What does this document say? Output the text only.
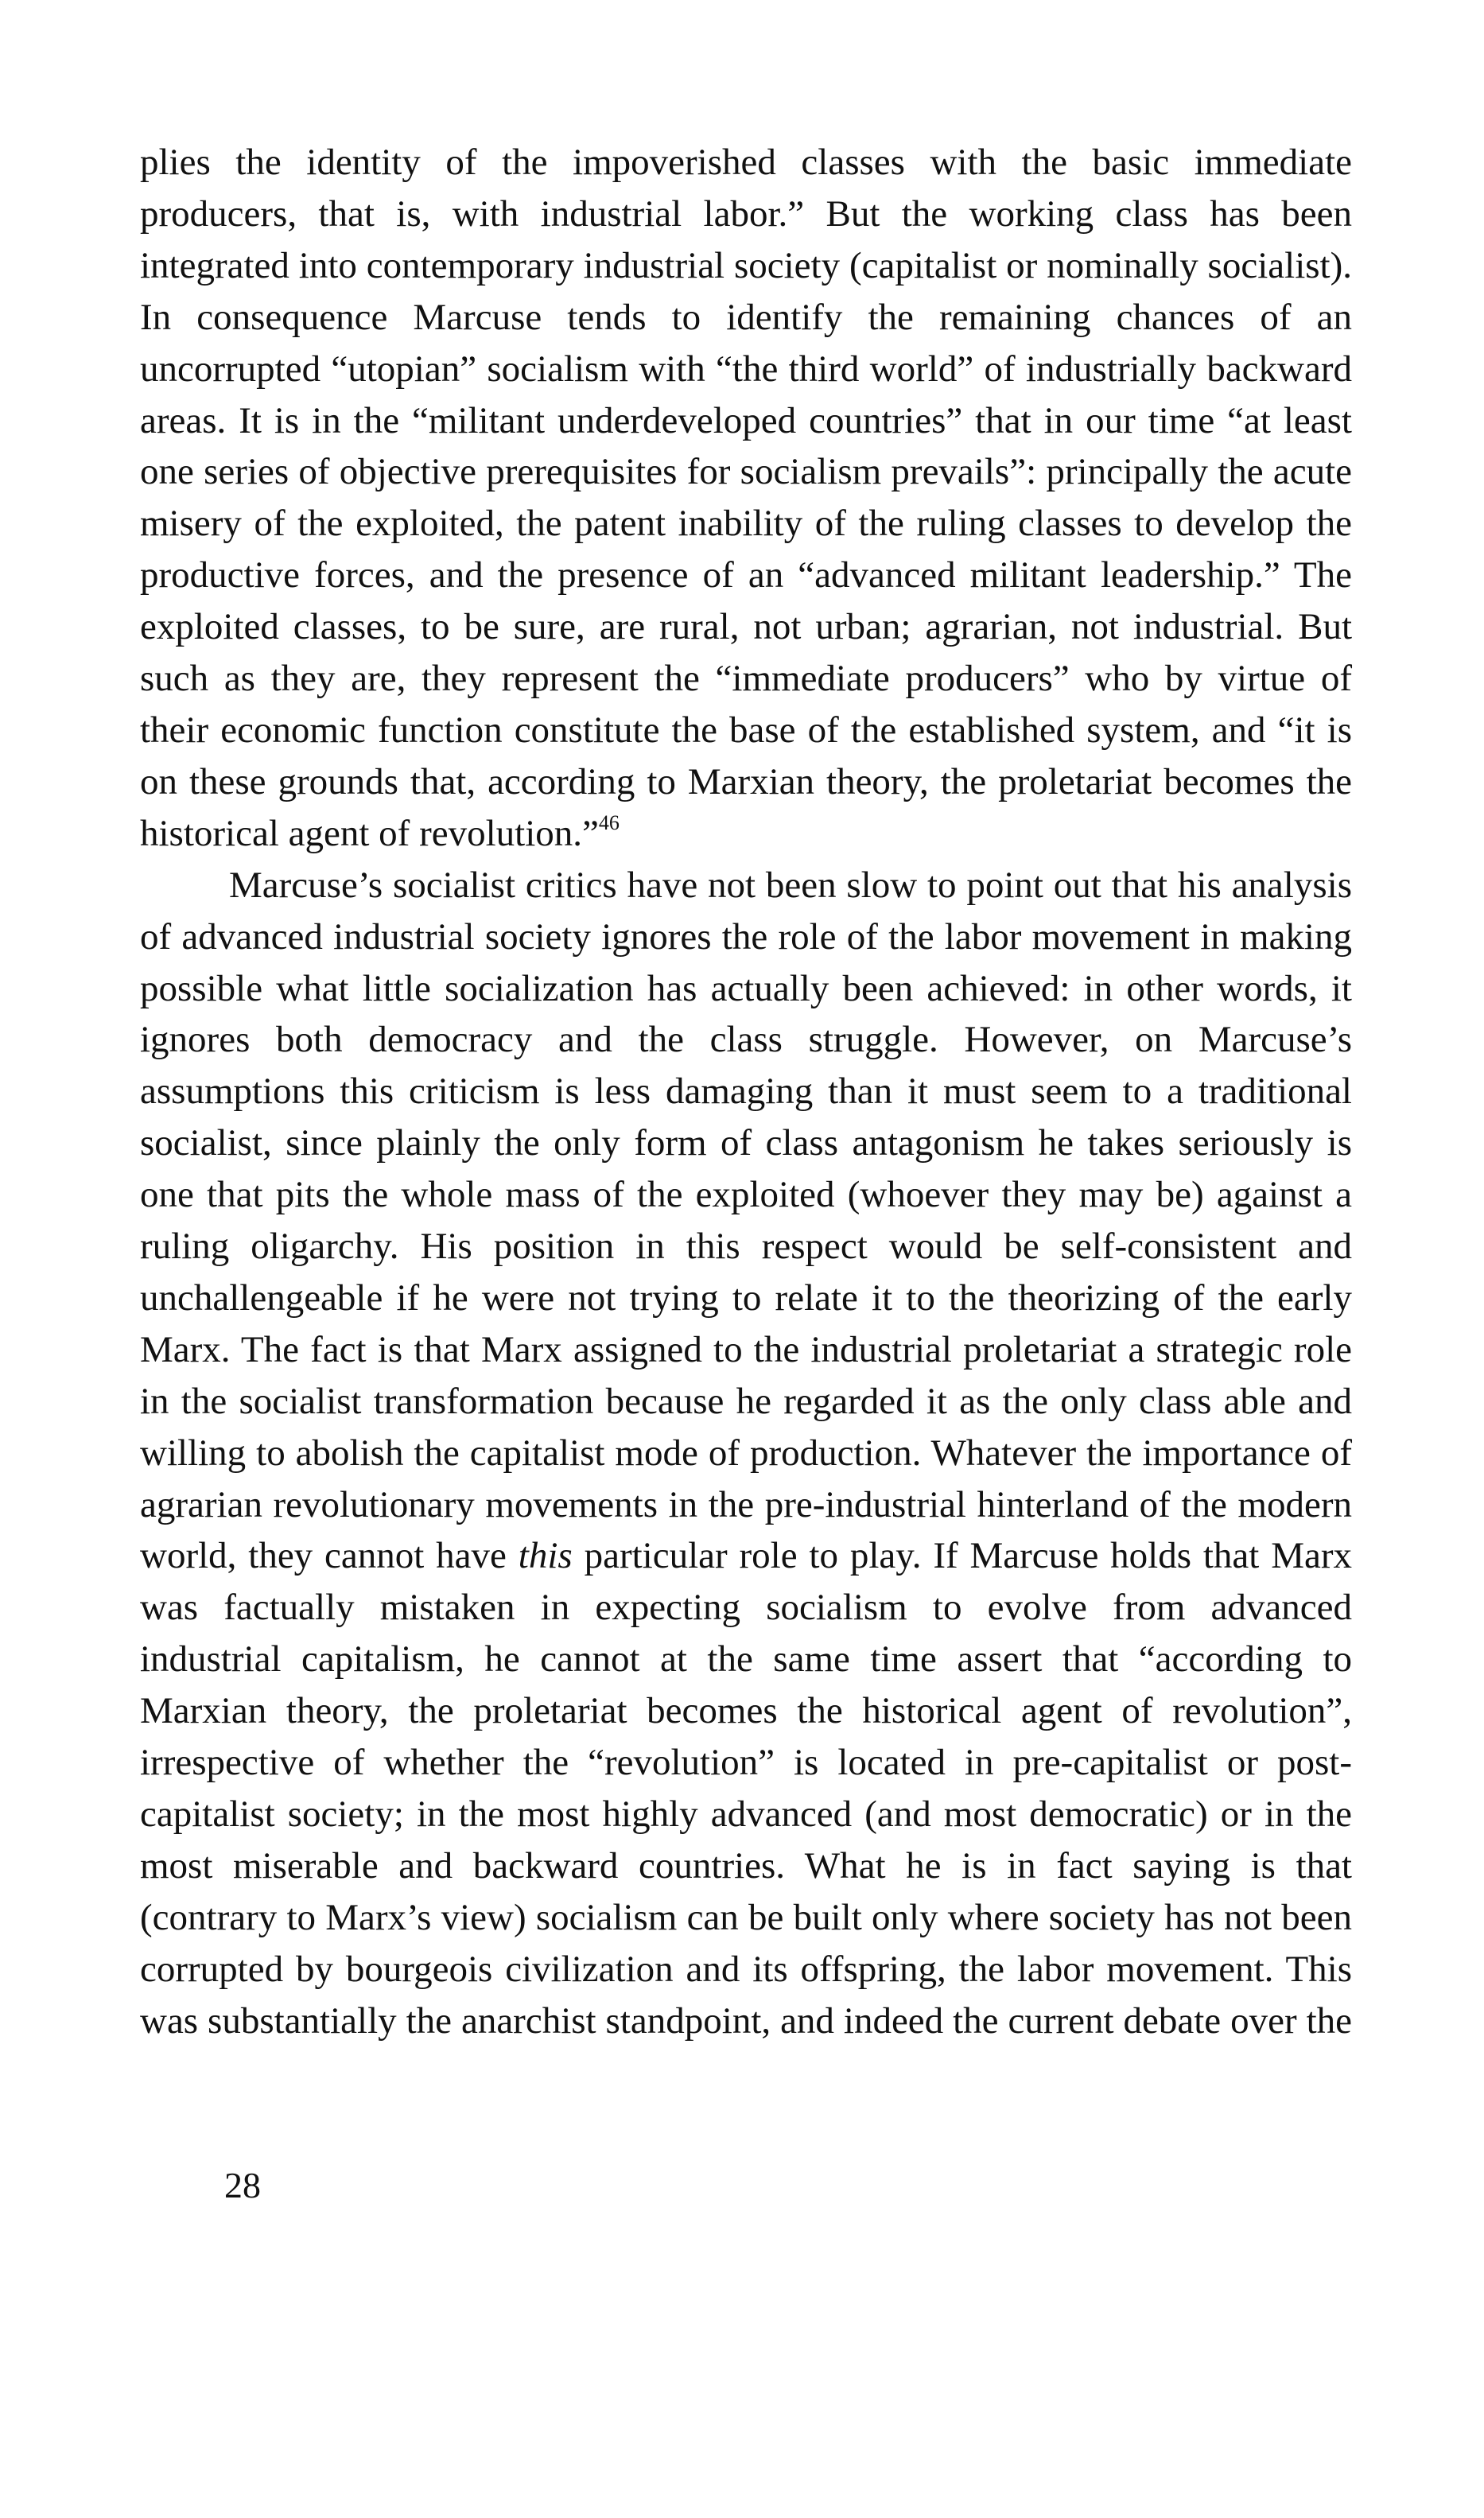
plies the identity of the impoverished classes with the basic immediate producers, that is, with industrial labor.” But the working class has been integrated into contemporary industrial society (capitalist or nominally socialist). In consequence Marcuse tends to identify the remaining chances of an uncorrupted “utopian” socialism with “the third world” of industrially backward areas. It is in the “militant underdeveloped countries” that in our time “at least one series of objective prerequisites for socialism prevails”: principally the acute misery of the exploited, the patent inability of the ruling classes to develop the productive forces, and the presence of an “advanced militant leadership.” The exploited classes, to be sure, are rural, not urban; agrarian, not industrial. But such as they are, they represent the “immediate producers” who by virtue of their economic function constitute the base of the established system, and “it is on these grounds that, according to Marxian theory, the proletariat becomes the historical agent of revolution.”$^{46}$

Marcuse’s socialist critics have not been slow to point out that his analysis of advanced industrial society ignores the role of the labor movement in making possible what little socialization has actually been achieved: in other words, it ignores both democracy and the class struggle. However, on Marcuse’s assumptions this criticism is less damaging than it must seem to a traditional socialist, since plainly the only form of class antagonism he takes seriously is one that pits the whole mass of the exploited (whoever they may be) against a ruling oligarchy. His position in this respect would be self-consistent and unchallengeable if he were not trying to relate it to the theorizing of the early Marx. The fact is that Marx assigned to the industrial proletariat a strategic role in the socialist transformation because he regarded it as the only class able and willing to abolish the capitalist mode of production. Whatever the importance of agrarian revolutionary movements in the pre-industrial hinterland of the modern world, they cannot have this particular role to play. If Marcuse holds that Marx was factually mistaken in expecting socialism to evolve from advanced industrial capitalism, he cannot at the same time assert that “according to Marxian theory, the proletariat becomes the historical agent of revolution”, irrespective of whether the “revolution” is located in pre-capitalist or post-capitalist society; in the most highly advanced (and most democratic) or in the most miserable and backward countries. What he is in fact saying is that (contrary to Marx’s view) socialism can be built only where society has not been corrupted by bourgeois civilization and its offspring, the labor movement. This was substantially the anarchist standpoint, and indeed the current debate over the

28
